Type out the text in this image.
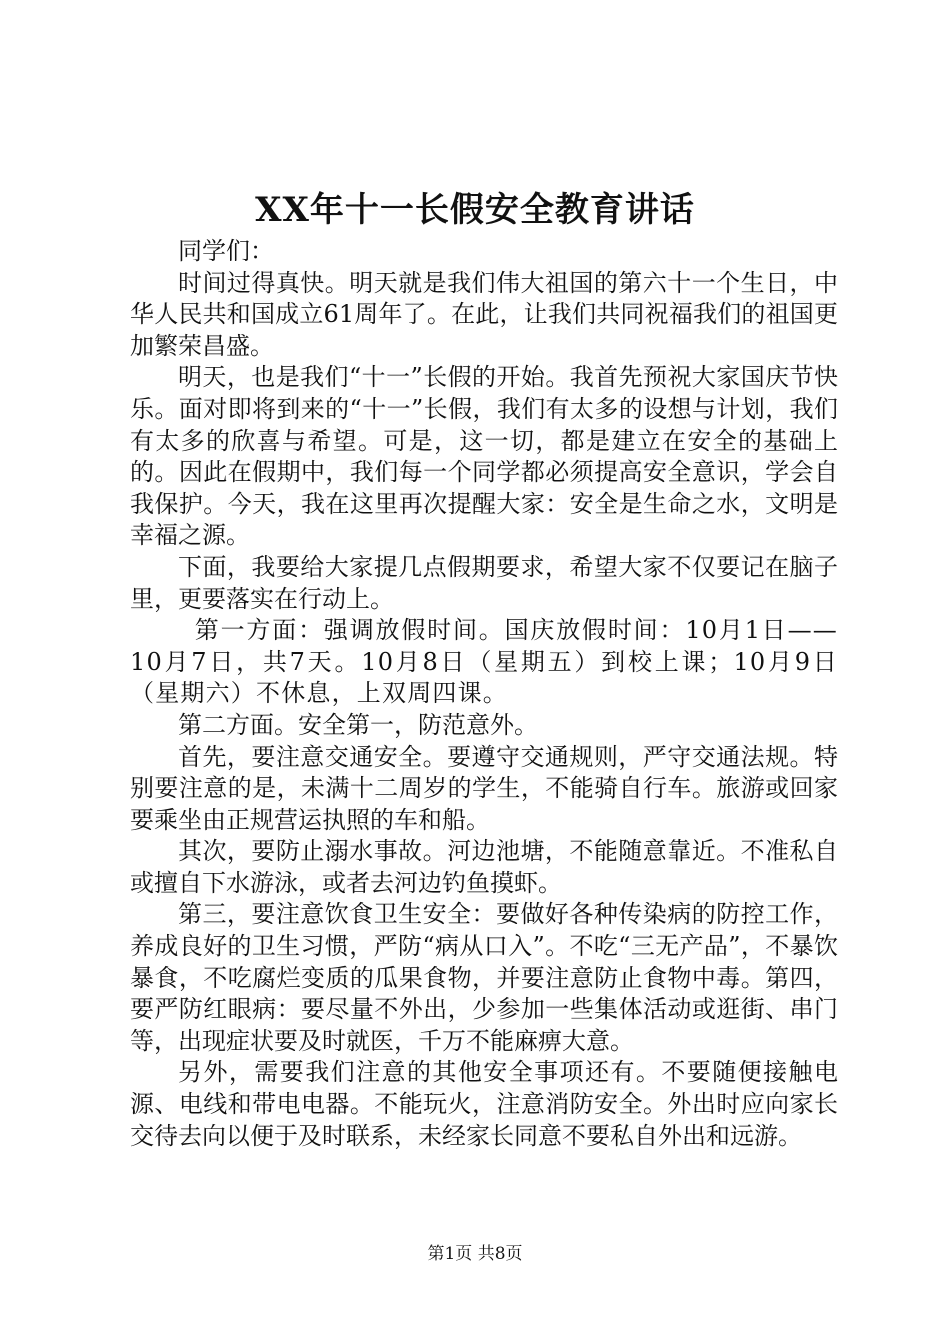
XX年十一长假安全教育讲话

同学们：

时间过得真快。明天就是我们伟大祖国的第六十一个生日，中华人民共和国成立61周年了。在此，让我们共同祝福我们的祖国更加繁荣昌盛。

明天，也是我们“十一”长假的开始。我首先预祝大家国庆节快乐。面对即将到来的“十一”长假，我们有太多的设想与计划，我们有太多的欣喜与希望。可是，这一切，都是建立在安全的基础上的。因此在假期中，我们每一个同学都必须提高安全意识，学会自我保护。今天，我在这里再次提醒大家：安全是生命之水，文明是幸福之源。

下面，我要给大家提几点假期要求，希望大家不仅要记在脑子里，更要落实在行动上。

第一方面：强调放假时间。国庆放假时间：10月1日——10月7日，共7天。10月8日（星期五）到校上课；10月9日（星期六）不休息，上双周四课。

第二方面。安全第一，防范意外。

首先，要注意交通安全。要遵守交通规则，严守交通法规。特别要注意的是，未满十二周岁的学生，不能骑自行车。旅游或回家要乘坐由正规营运执照的车和船。

其次，要防止溺水事故。河边池塘，不能随意靠近。不准私自或擅自下水游泳，或者去河边钓鱼摸虾。

第三，要注意饮食卫生安全：要做好各种传染病的防控工作，养成良好的卫生习惯，严防“病从口入”。不吃“三无产品”，不暴饮暴食，不吃腐烂变质的瓜果食物，并要注意防止食物中毒。第四，要严防红眼病：要尽量不外出，少参加一些集体活动或逛街、串门等，出现症状要及时就医，千万不能麻痹大意。

另外，需要我们注意的其他安全事项还有。不要随便接触电源、电线和带电电器。不能玩火，注意消防安全。外出时应向家长交待去向以便于及时联系，未经家长同意不要私自外出和远游。

第1页 共8页
